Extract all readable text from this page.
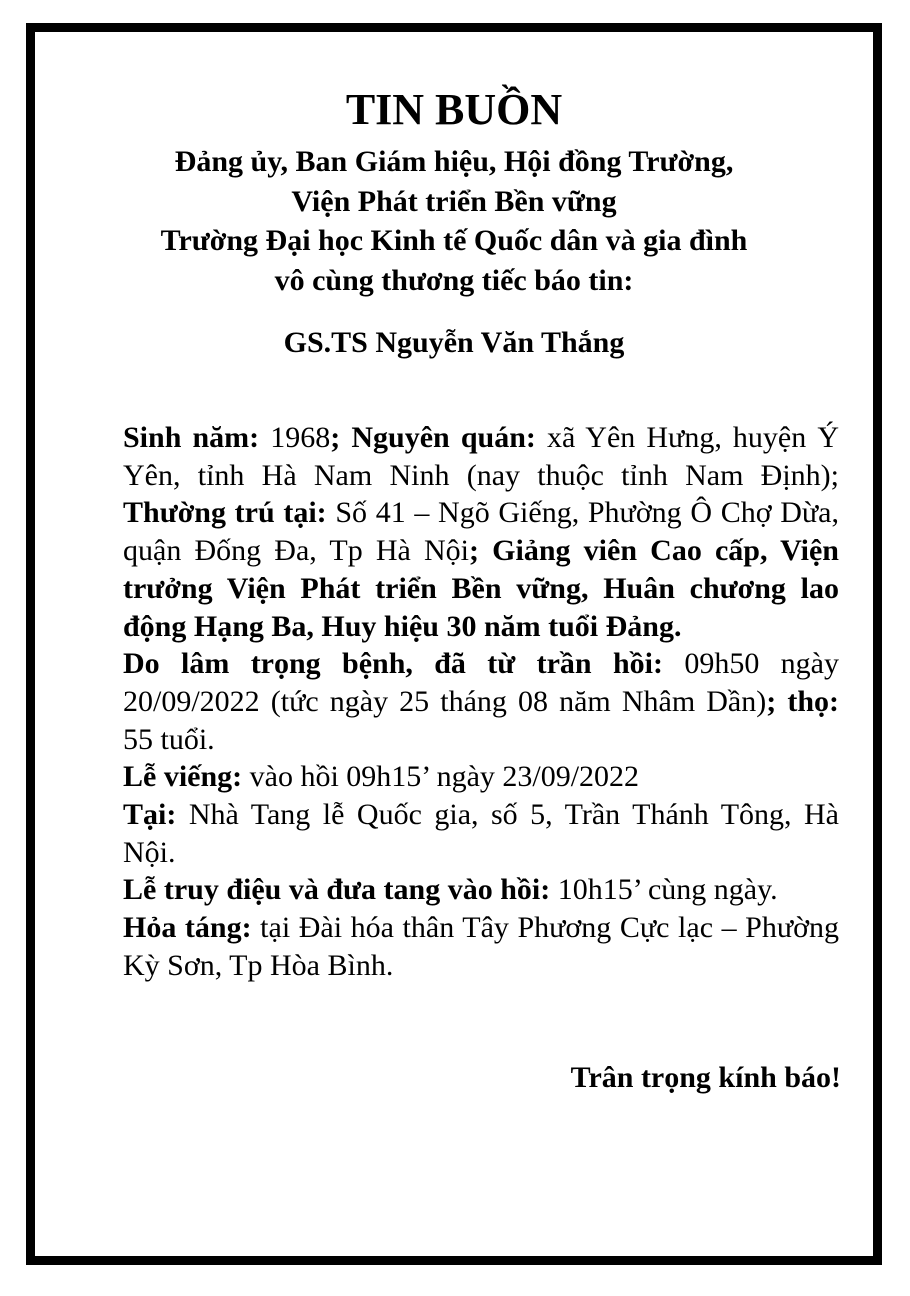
TIN BUỒN
Đảng ủy, Ban Giám hiệu, Hội đồng Trường,
Viện Phát triển Bền vững
Trường Đại học Kinh tế Quốc dân và gia đình
vô cùng thương tiếc báo tin:
GS.TS Nguyễn Văn Thắng

Sinh năm: 1968; Nguyên quán: xã Yên Hưng, huyện Ý Yên, tỉnh Hà Nam Ninh (nay thuộc tỉnh Nam Định); Thường trú tại: Số 41 – Ngõ Giếng, Phường Ô Chợ Dừa, quận Đống Đa, Tp Hà Nội; Giảng viên Cao cấp, Viện trưởng Viện Phát triển Bền vững, Huân chương lao động Hạng Ba, Huy hiệu 30 năm tuổi Đảng.

Do lâm trọng bệnh, đã từ trần hồi: 09h50 ngày 20/09/2022 (tức ngày 25 tháng 08 năm Nhâm Dần); thọ: 55 tuổi.

Lễ viếng: vào hồi 09h15’ ngày 23/09/2022

Tại: Nhà Tang lễ Quốc gia, số 5, Trần Thánh Tông, Hà Nội.

Lễ truy điệu và đưa tang vào hồi: 10h15’ cùng ngày.

Hỏa táng: tại Đài hóa thân Tây Phương Cực lạc – Phường Kỳ Sơn, Tp Hòa Bình.

Trân trọng kính báo!
